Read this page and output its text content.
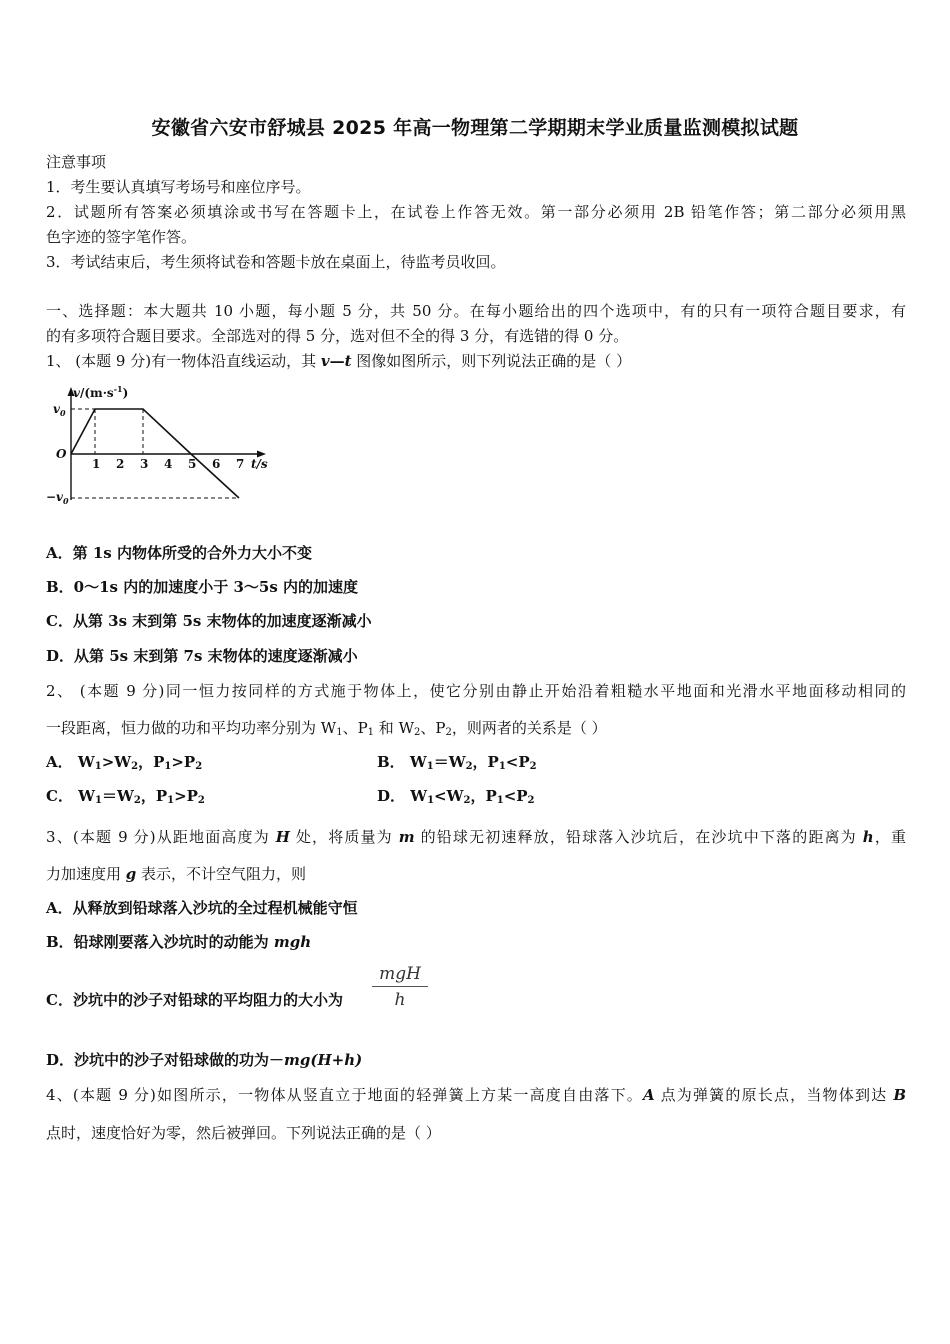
安徽省六安市舒城县 2025 年高一物理第二学期期末学业质量监测模拟试题
注意事项
1．考生要认真填写考场号和座位序号。
2．试题所有答案必须填涂或书写在答题卡上，在试卷上作答无效。第一部分必须用 2B 铅笔作答；第二部分必须用黑
色字迹的签字笔作答。
3．考试结束后，考生须将试卷和答题卡放在桌面上，待监考员收回。
一、选择题：本大题共 10 小题，每小题 5 分，共 50 分。在每小题给出的四个选项中，有的只有一项符合题目要求，有
的有多项符合题目要求。全部选对的得 5 分，选对但不全的得 3 分，有选错的得 0 分。
1、 (本题 9 分)有一物体沿直线运动，其 v—t 图像如图所示，则下列说法正确的是（ ）
1 2 3 4 5 6 7
$v/(m\cdot s^{-1})$
$v_0$
O
$-v_0$
t/s
A．第 1s 内物体所受的合外力大小不变
B．0～1s 内的加速度小于 3～5s 内的加速度
C．从第 3s 末到第 5s 末物体的加速度逐渐减小
D．从第 5s 末到第 7s 末物体的速度逐渐减小
2、 (本题 9 分)同一恒力按同样的方式施于物体上，使它分别由静止开始沿着粗糙水平地面和光滑水平地面移动相同的
一段距离，恒力做的功和平均功率分别为 $W_1$、$P_1$ 和 $W_2$、$P_2$，则两者的关系是（ ）
A． $W_1>W_2$，$P_1>P_2$	B． $W_1=W_2$，$P_1<P_2$
C． $W_1=W_2$，$P_1>P_2$	D． $W_1<W_2$，$P_1<P_2$
3、(本题 9 分)从距地面高度为 H 处，将质量为 m 的铅球无初速释放，铅球落入沙坑后，在沙坑中下落的距离为 h，重
力加速度用 g 表示，不计空气阻力，则
A．从释放到铅球落入沙坑的全过程机械能守恒
B．铅球刚要落入沙坑时的动能为 mgh
C．沙坑中的沙子对铅球的平均阻力的大小为
mgH
h
D．沙坑中的沙子对铅球做的功为－mg(H+h)
4、(本题 9 分)如图所示，一物体从竖直立于地面的轻弹簧上方某一高度自由落下。A 点为弹簧的原长点，当物体到达 B
点时，速度恰好为零，然后被弹回。下列说法正确的是（ ）
